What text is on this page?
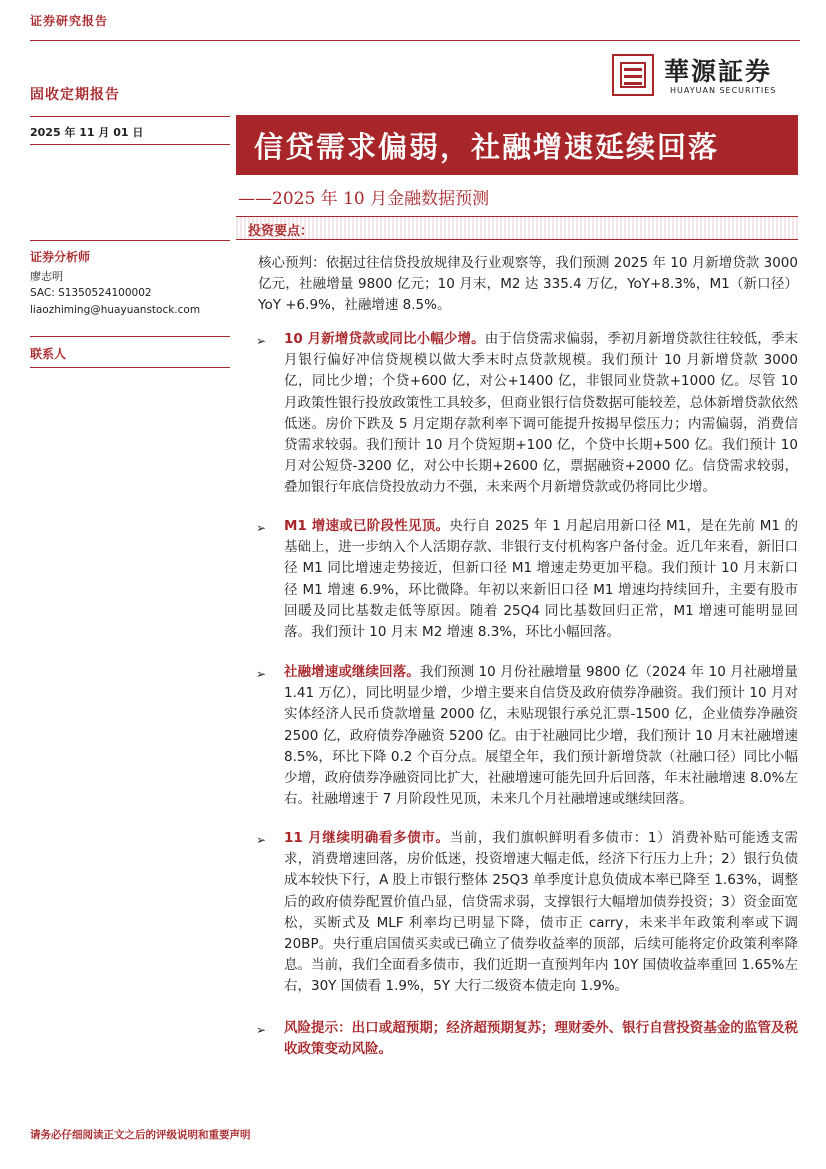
证券研究报告
固收定期报告
華源証券
HUAYUAN SECURITIES
2025 年 11 月 01 日	信贷需求偏弱，社融增速延续回落
——2025 年 10 月金融数据预测
投资要点：
证券分析师
廖志明
SAC: S1350524100002
liaozhiming@huayuanstock.com
联系人
核心预判：依据过往信贷投放规律及行业观察等，我们预测 2025 年 10 月新增贷款 3000 亿元，社融增量 9800 亿元；10 月末，M2 达 335.4 万亿，YoY+8.3%，M1（新口径）YoY +6.9%，社融增速 8.5%。
➢ 10 月新增贷款或同比小幅少增。由于信贷需求偏弱，季初月新增贷款往往较低，季末月银行偏好冲信贷规模以做大季末时点贷款规模。我们预计 10 月新增贷款 3000 亿，同比少增；个贷+600 亿，对公+1400 亿，非银同业贷款+1000 亿。尽管 10 月政策性银行投放政策性工具较多，但商业银行信贷数据可能较差，总体新增贷款依然低迷。房价下跌及 5 月定期存款利率下调可能提升按揭早偿压力；内需偏弱，消费信贷需求较弱。我们预计 10 月个贷短期+100 亿，个贷中长期+500 亿。我们预计 10 月对公短贷-3200 亿，对公中长期+2600 亿，票据融资+2000 亿。信贷需求较弱，叠加银行年底信贷投放动力不强，未来两个月新增贷款或仍将同比少增。
➢ M1 增速或已阶段性见顶。央行自 2025 年 1 月起启用新口径 M1，是在先前 M1 的基础上，进一步纳入个人活期存款、非银行支付机构客户备付金。近几年来看，新旧口径 M1 同比增速走势接近，但新口径 M1 增速走势更加平稳。我们预计 10 月末新口径 M1 增速 6.9%，环比微降。年初以来新旧口径 M1 增速均持续回升，主要有股市回暖及同比基数走低等原因。随着 25Q4 同比基数回归正常，M1 增速可能明显回落。我们预计 10 月末 M2 增速 8.3%，环比小幅回落。
➢ 社融增速或继续回落。我们预测 10 月份社融增量 9800 亿（2024 年 10 月社融增量 1.41 万亿），同比明显少增，少增主要来自信贷及政府债券净融资。我们预计 10 月对实体经济人民币贷款增量 2000 亿，未贴现银行承兑汇票-1500 亿，企业债券净融资 2500 亿，政府债券净融资 5200 亿。由于社融同比少增，我们预计 10 月末社融增速 8.5%，环比下降 0.2 个百分点。展望全年，我们预计新增贷款（社融口径）同比小幅少增，政府债券净融资同比扩大，社融增速可能先回升后回落，年末社融增速 8.0%左右。社融增速于 7 月阶段性见顶，未来几个月社融增速或继续回落。
➢ 11 月继续明确看多债市。当前，我们旗帜鲜明看多债市：1）消费补贴可能透支需求，消费增速回落，房价低迷，投资增速大幅走低，经济下行压力上升；2）银行负债成本较快下行，A 股上市银行整体 25Q3 单季度计息负债成本率已降至 1.63%，调整后的政府债券配置价值凸显，信贷需求弱，支撑银行大幅增加债券投资；3）资金面宽松，买断式及 MLF 利率均已明显下降，债市正 carry，未来半年政策利率或下调 20BP。央行重启国债买卖或已确立了债券收益率的顶部，后续可能将定价政策利率降息。当前，我们全面看多债市，我们近期一直预判年内 10Y 国债收益率重回 1.65%左右，30Y 国债看 1.9%，5Y 大行二级资本债走向 1.9%。
➢ 风险提示：出口或超预期；经济超预期复苏；理财委外、银行自营投资基金的监管及税收政策变动风险。
请务必仔细阅读正文之后的评级说明和重要声明
